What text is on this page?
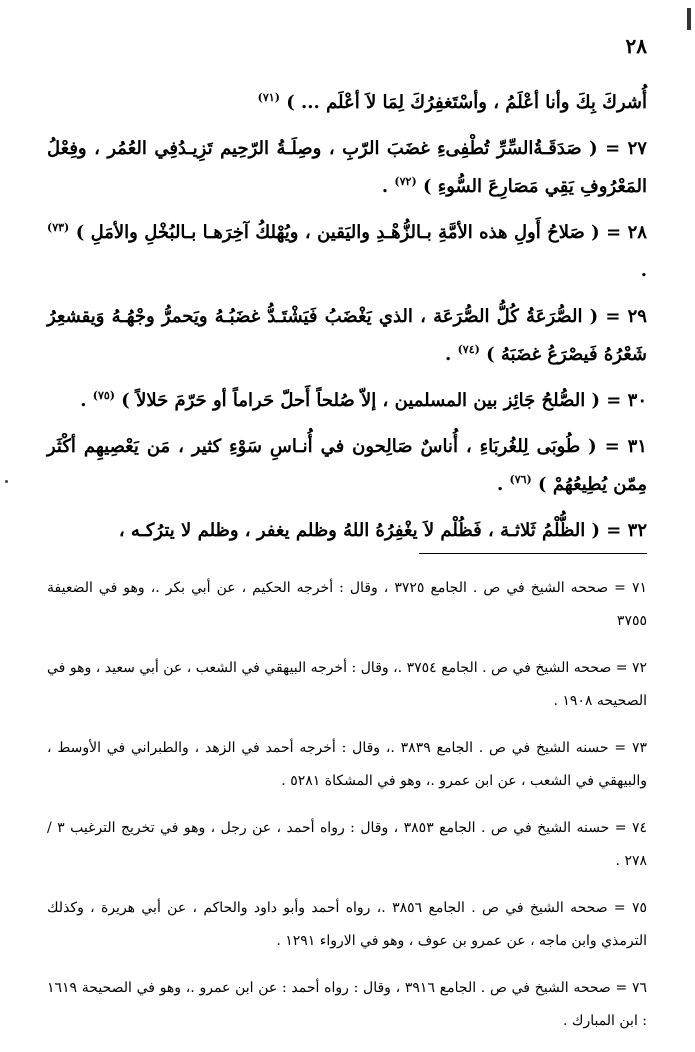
٢٨

أُشركَ بِكَ وأنا أعْلَمُ ، وأسْتَغفِرُكَ لِمَا لاَ أعْلَم ... ) $^{(٧١)}$

٢٧ = ( صَدَقَـةُالسِّرِّ تُطْفِىءِ غضَبَ الرّبِ ، وصِلَـةُ الرّحِيم تَزِيـدُفِي العُمُر ، وفِعْلُ المَعْرُوفِ يَقِي مَصَارِعَ السُّوءِ ) $^{(٧٢)}$ .

٢٨ = ( صَلاحُ أَولِ هذه الأمَّةِ بـالزُّهْـدِ واليَقين ، ويُهْلكُ آخِرَهـا بـالبُخْلِ والأمَلِ ) $^{(٧٣)}$ .

٢٩ = ( الصُّرَعَةُ كُلُّ الصُّرَعَة ، الذي يَغْضَبُ فَيَشْتَـدُّ غضَبُـهُ ويَحمرُّ وجْهُـهُ وَيقشعِرُ شَعْرُهُ فَيصْرَعُ غضَبَهُ ) $^{(٧٤)}$ .

٣٠ = ( الصُّلحُ جَائِز بين المسلمين ، إلاّ صُلحاً أَحلّ حَراماً أو حَرّمَ حَلالاً ) $^{(٧٥)}$ .

٣١ = ( طُوبَى لِلغُربَاءِ ، أُناسٌ صَالِحون في أُنـاسِ سَوْءِ كثير ، مَن يَعْصِيهِم أكْثَر مِمّن يُطِيعُهُمْ ) $^{(٧٦)}$ .

٣٢ = ( الظُّلْمُ ثَلاثـة ، فَظُلْم لاَ يغْفِرُهُ اللهُ وظلم يغفر ، وظلم لا يترُكـه ،

٧١ = صححه الشيخ في ص . الجامع ٣٧٢٥ ، وقال : أخرجه الحكيم ، عن أبي بكر .، وهو في الضعيفة ٣٧٥٥

٧٢ = صححه الشيخ في ص . الجامع ٣٧٥٤ .، وقال : أخرجه البيهقي في الشعب ، عن أبي سعيد ، وهو في الصحيحه ١٩٠٨ .

٧٣ = حسنه الشيخ في ص . الجامع ٣٨٣٩ .، وقال : أخرجه أحمد في الزهد ، والطبراني في الأوسط ، والبيهقي في الشعب ، عن ابن عمرو .، وهو في المشكاة ٥٢٨١ .

٧٤ = حسنه الشيخ في ص . الجامع ٣٨٥٣ ، وقال : رواه أحمد ، عن رجل ، وهو في تخريج الترغيب ٣ / ٢٧٨ .

٧٥ = صححه الشيخ في ص . الجامع ٣٨٥٦ .، رواه أحمد وأبو داود والحاكم ، عن أبي هريرة ، وكذلك الترمذي وابن ماجه ، عن عمرو بن عوف ، وهو في الارواء ١٢٩١ .

٧٦ = صححه الشيخ في ص . الجامع ٣٩١٦ ، وقال : رواه أحمد : عن ابن عمرو .، وهو في الصحيحة ١٦١٩ : ابن المبارك .
